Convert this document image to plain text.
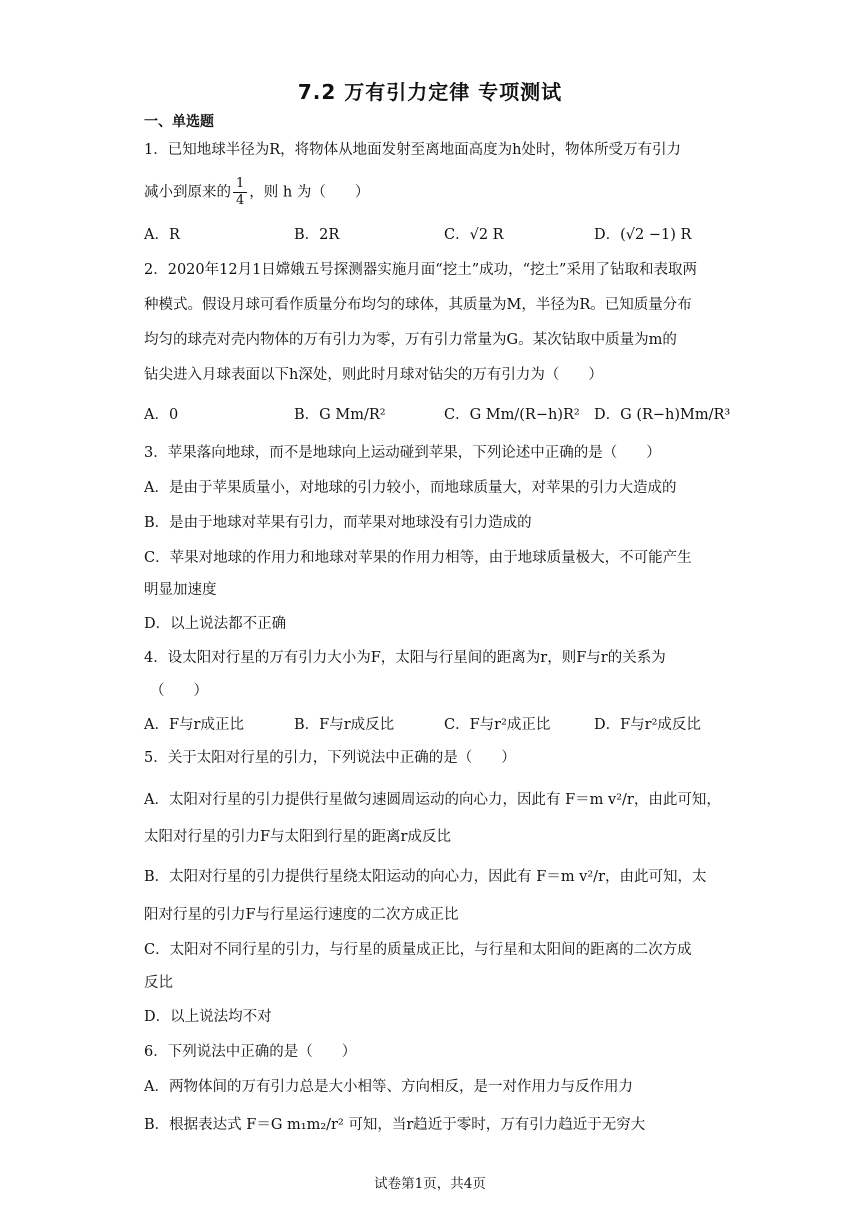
7.2 万有引力定律 专项测试
一、单选题
1．已知地球半径为R，将物体从地面发射至离地面高度为h处时，物体所受万有引力
减小到原来的 $\frac{1}{4}$ ，则 h 为（　　）
A．R	B．2R	C．√2 R	D．(√2 −1) R
2．2020年12月1日嫦娥五号探测器实施月面“挖土”成功，“挖土”采用了钻取和表取两
种模式。假设月球可看作质量分布均匀的球体，其质量为M，半径为R。已知质量分布
均匀的球壳对壳内物体的万有引力为零，万有引力常量为G。某次钻取中质量为m的
钻尖进入月球表面以下h深处，则此时月球对钻尖的万有引力为（　　）
A．0	B．G Mm/R²	C．G Mm/(R−h)R² D．G (R−h)Mm/R³
3．苹果落向地球，而不是地球向上运动碰到苹果，下列论述中正确的是（　　）
A．是由于苹果质量小，对地球的引力较小，而地球质量大，对苹果的引力大造成的
B．是由于地球对苹果有引力，而苹果对地球没有引力造成的
C．苹果对地球的作用力和地球对苹果的作用力相等，由于地球质量极大，不可能产生
明显加速度
D．以上说法都不正确
4．设太阳对行星的万有引力大小为F，太阳与行星间的距离为r，则F与r的关系为
（　　）
A．F与r成正比	B．F与r成反比	C．F与r²成正比	D．F与r²成反比
5．关于太阳对行星的引力，下列说法中正确的是（　　）
A．太阳对行星的引力提供行星做匀速圆周运动的向心力，因此有 F＝m v²/r，由此可知，
太阳对行星的引力F与太阳到行星的距离r成反比
B．太阳对行星的引力提供行星绕太阳运动的向心力，因此有 F＝m v²/r，由此可知，太
阳对行星的引力F与行星运行速度的二次方成正比
C．太阳对不同行星的引力，与行星的质量成正比，与行星和太阳间的距离的二次方成
反比
D．以上说法均不对
6．下列说法中正确的是（　　）
A．两物体间的万有引力总是大小相等、方向相反，是一对作用力与反作用力
B．根据表达式 F＝G m₁m₂/r² 可知，当r趋近于零时，万有引力趋近于无穷大
试卷第1页，共4页
